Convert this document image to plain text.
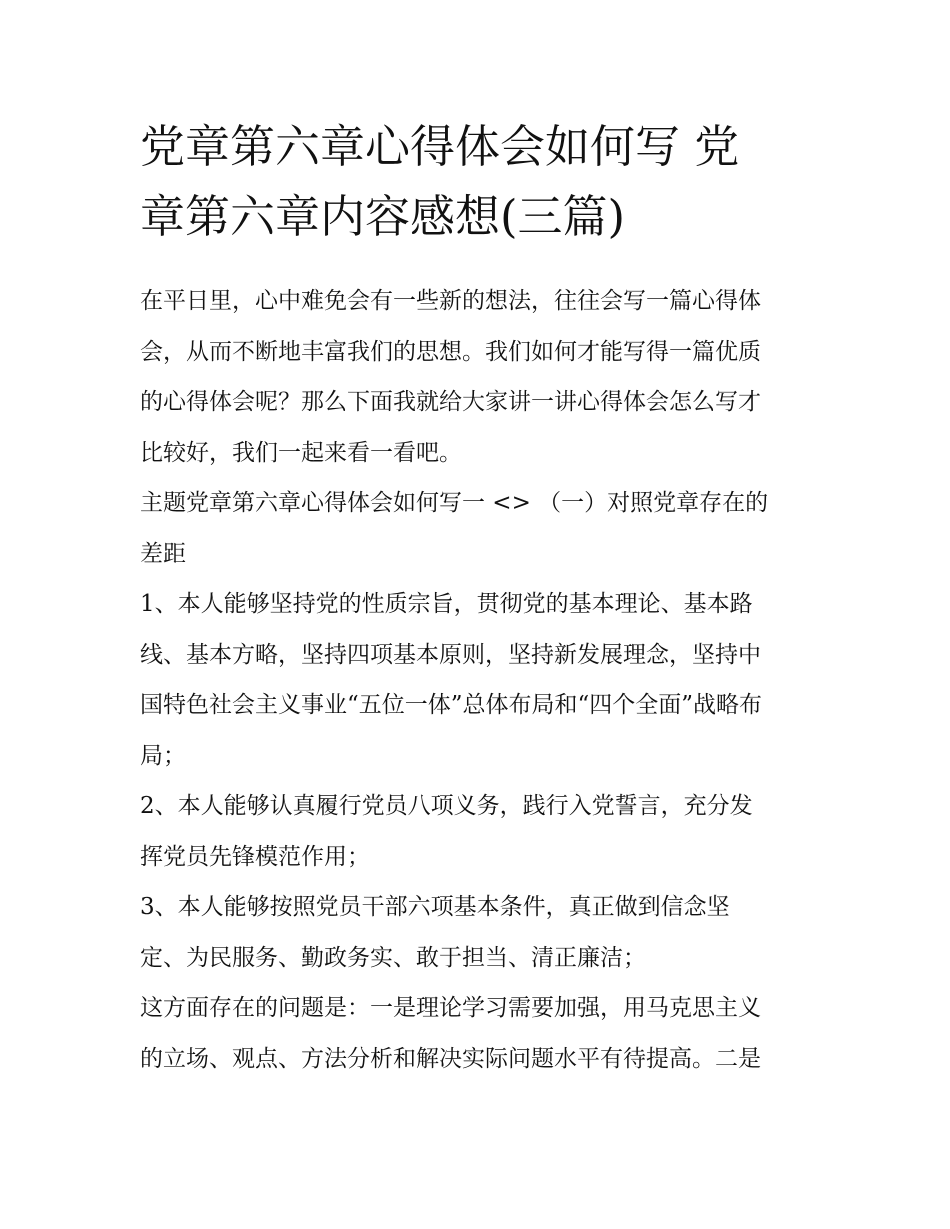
党章第六章心得体会如何写 党
章第六章内容感想(三篇)
在平日里，心中难免会有一些新的想法，往往会写一篇心得体
会，从而不断地丰富我们的思想。我们如何才能写得一篇优质
的心得体会呢？那么下面我就给大家讲一讲心得体会怎么写才
比较好，我们一起来看一看吧。
主题党章第六章心得体会如何写一 <> （一）对照党章存在的
差距
1、本人能够坚持党的性质宗旨，贯彻党的基本理论、基本路
线、基本方略，坚持四项基本原则，坚持新发展理念，坚持中
国特色社会主义事业“五位一体”总体布局和“四个全面”战略布
局；
2、本人能够认真履行党员八项义务，践行入党誓言，充分发
挥党员先锋模范作用；
3、本人能够按照党员干部六项基本条件，真正做到信念坚
定、为民服务、勤政务实、敢于担当、清正廉洁；
这方面存在的问题是：一是理论学习需要加强，用马克思主义
的立场、观点、方法分析和解决实际问题水平有待提高。二是
